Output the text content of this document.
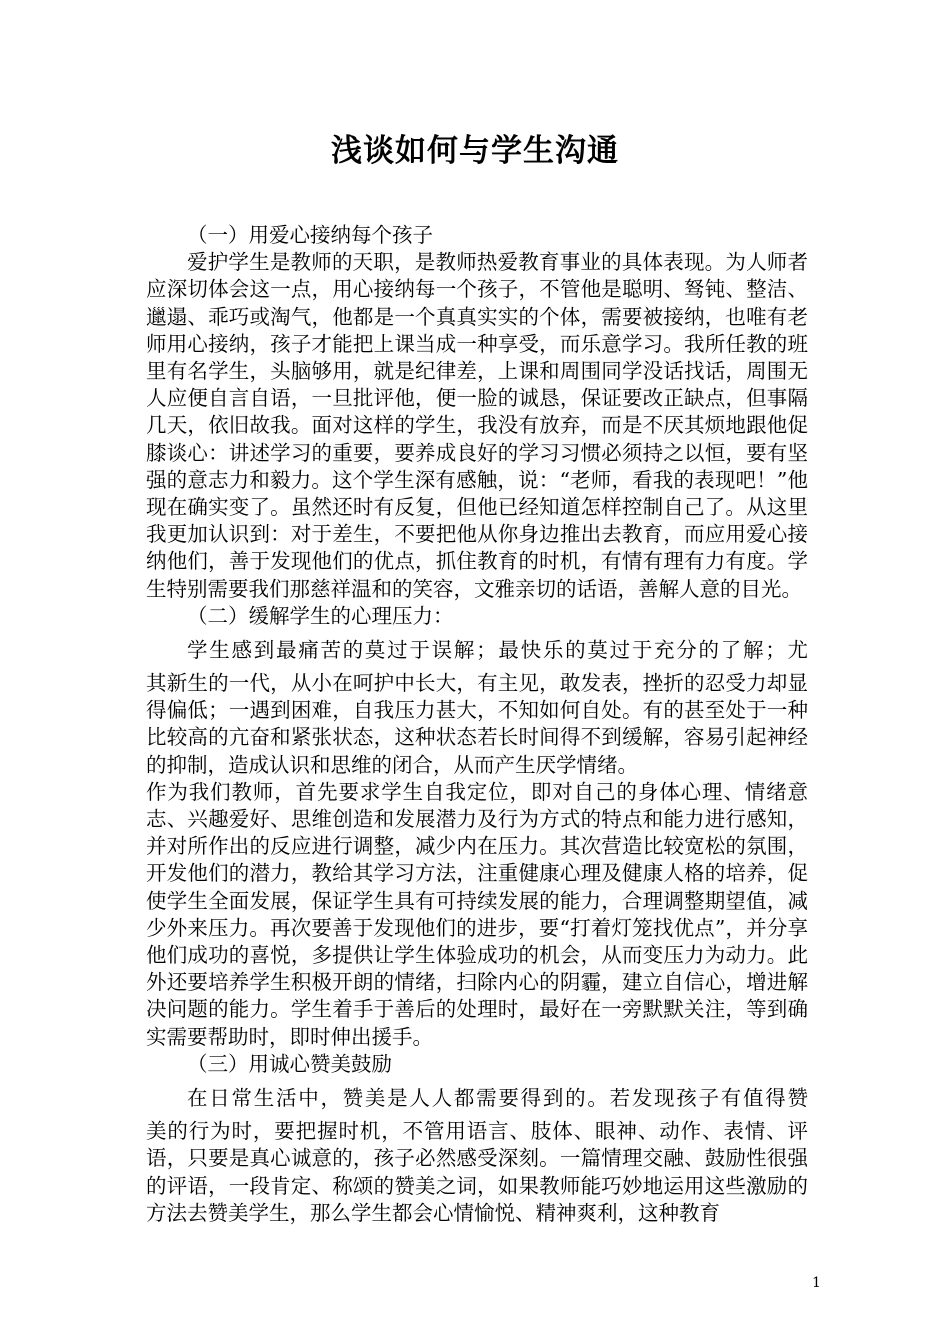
浅谈如何与学生沟通
（一）用爱心接纳每个孩子
爱护学生是教师的天职，是教师热爱教育事业的具体表现。为人师者应深切体会这一点，用心接纳每一个孩子，不管他是聪明、驽钝、整洁、邋遢、乖巧或淘气，他都是一个真真实实的个体，需要被接纳，也唯有老师用心接纳，孩子才能把上课当成一种享受，而乐意学习。我所任教的班里有名学生，头脑够用，就是纪律差，上课和周围同学没话找话，周围无人应便自言自语，一旦批评他，便一脸的诚恳，保证要改正缺点，但事隔几天，依旧故我。面对这样的学生，我没有放弃，而是不厌其烦地跟他促膝谈心：讲述学习的重要，要养成良好的学习习惯必须持之以恒，要有坚强的意志力和毅力。这个学生深有感触，说：“老师，看我的表现吧！”他现在确实变了。虽然还时有反复，但他已经知道怎样控制自己了。从这里我更加认识到：对于差生，不要把他从你身边推出去教育，而应用爱心接纳他们，善于发现他们的优点，抓住教育的时机，有情有理有力有度。学生特别需要我们那慈祥温和的笑容，文雅亲切的话语，善解人意的目光。
（二）缓解学生的心理压力：
学生感到最痛苦的莫过于误解；最快乐的莫过于充分的了解；尤
其新生的一代，从小在呵护中长大，有主见，敢发表，挫折的忍受力却显得偏低；一遇到困难，自我压力甚大，不知如何自处。有的甚至处于一种比较高的亢奋和紧张状态，这种状态若长时间得不到缓解，容易引起神经的抑制，造成认识和思维的闭合，从而产生厌学情绪。
作为我们教师，首先要求学生自我定位，即对自己的身体心理、情绪意志、兴趣爱好、思维创造和发展潜力及行为方式的特点和能力进行感知，并对所作出的反应进行调整，减少内在压力。其次营造比较宽松的氛围，开发他们的潜力，教给其学习方法，注重健康心理及健康人格的培养，促使学生全面发展，保证学生具有可持续发展的能力，合理调整期望值，减少外来压力。再次要善于发现他们的进步，要“打着灯笼找优点”，并分享他们成功的喜悦，多提供让学生体验成功的机会，从而变压力为动力。此外还要培养学生积极开朗的情绪，扫除内心的阴霾，建立自信心，增进解决问题的能力。学生着手于善后的处理时，最好在一旁默默关注，等到确实需要帮助时，即时伸出援手。
（三）用诚心赞美鼓励
在日常生活中，赞美是人人都需要得到的。若发现孩子有值得赞
美的行为时，要把握时机，不管用语言、肢体、眼神、动作、表情、评语，只要是真心诚意的，孩子必然感受深刻。一篇情理交融、鼓励性很强的评语，一段肯定、称颂的赞美之词，如果教师能巧妙地运用这些激励的方法去赞美学生，那么学生都会心情愉悦、精神爽利，这种教育
1
